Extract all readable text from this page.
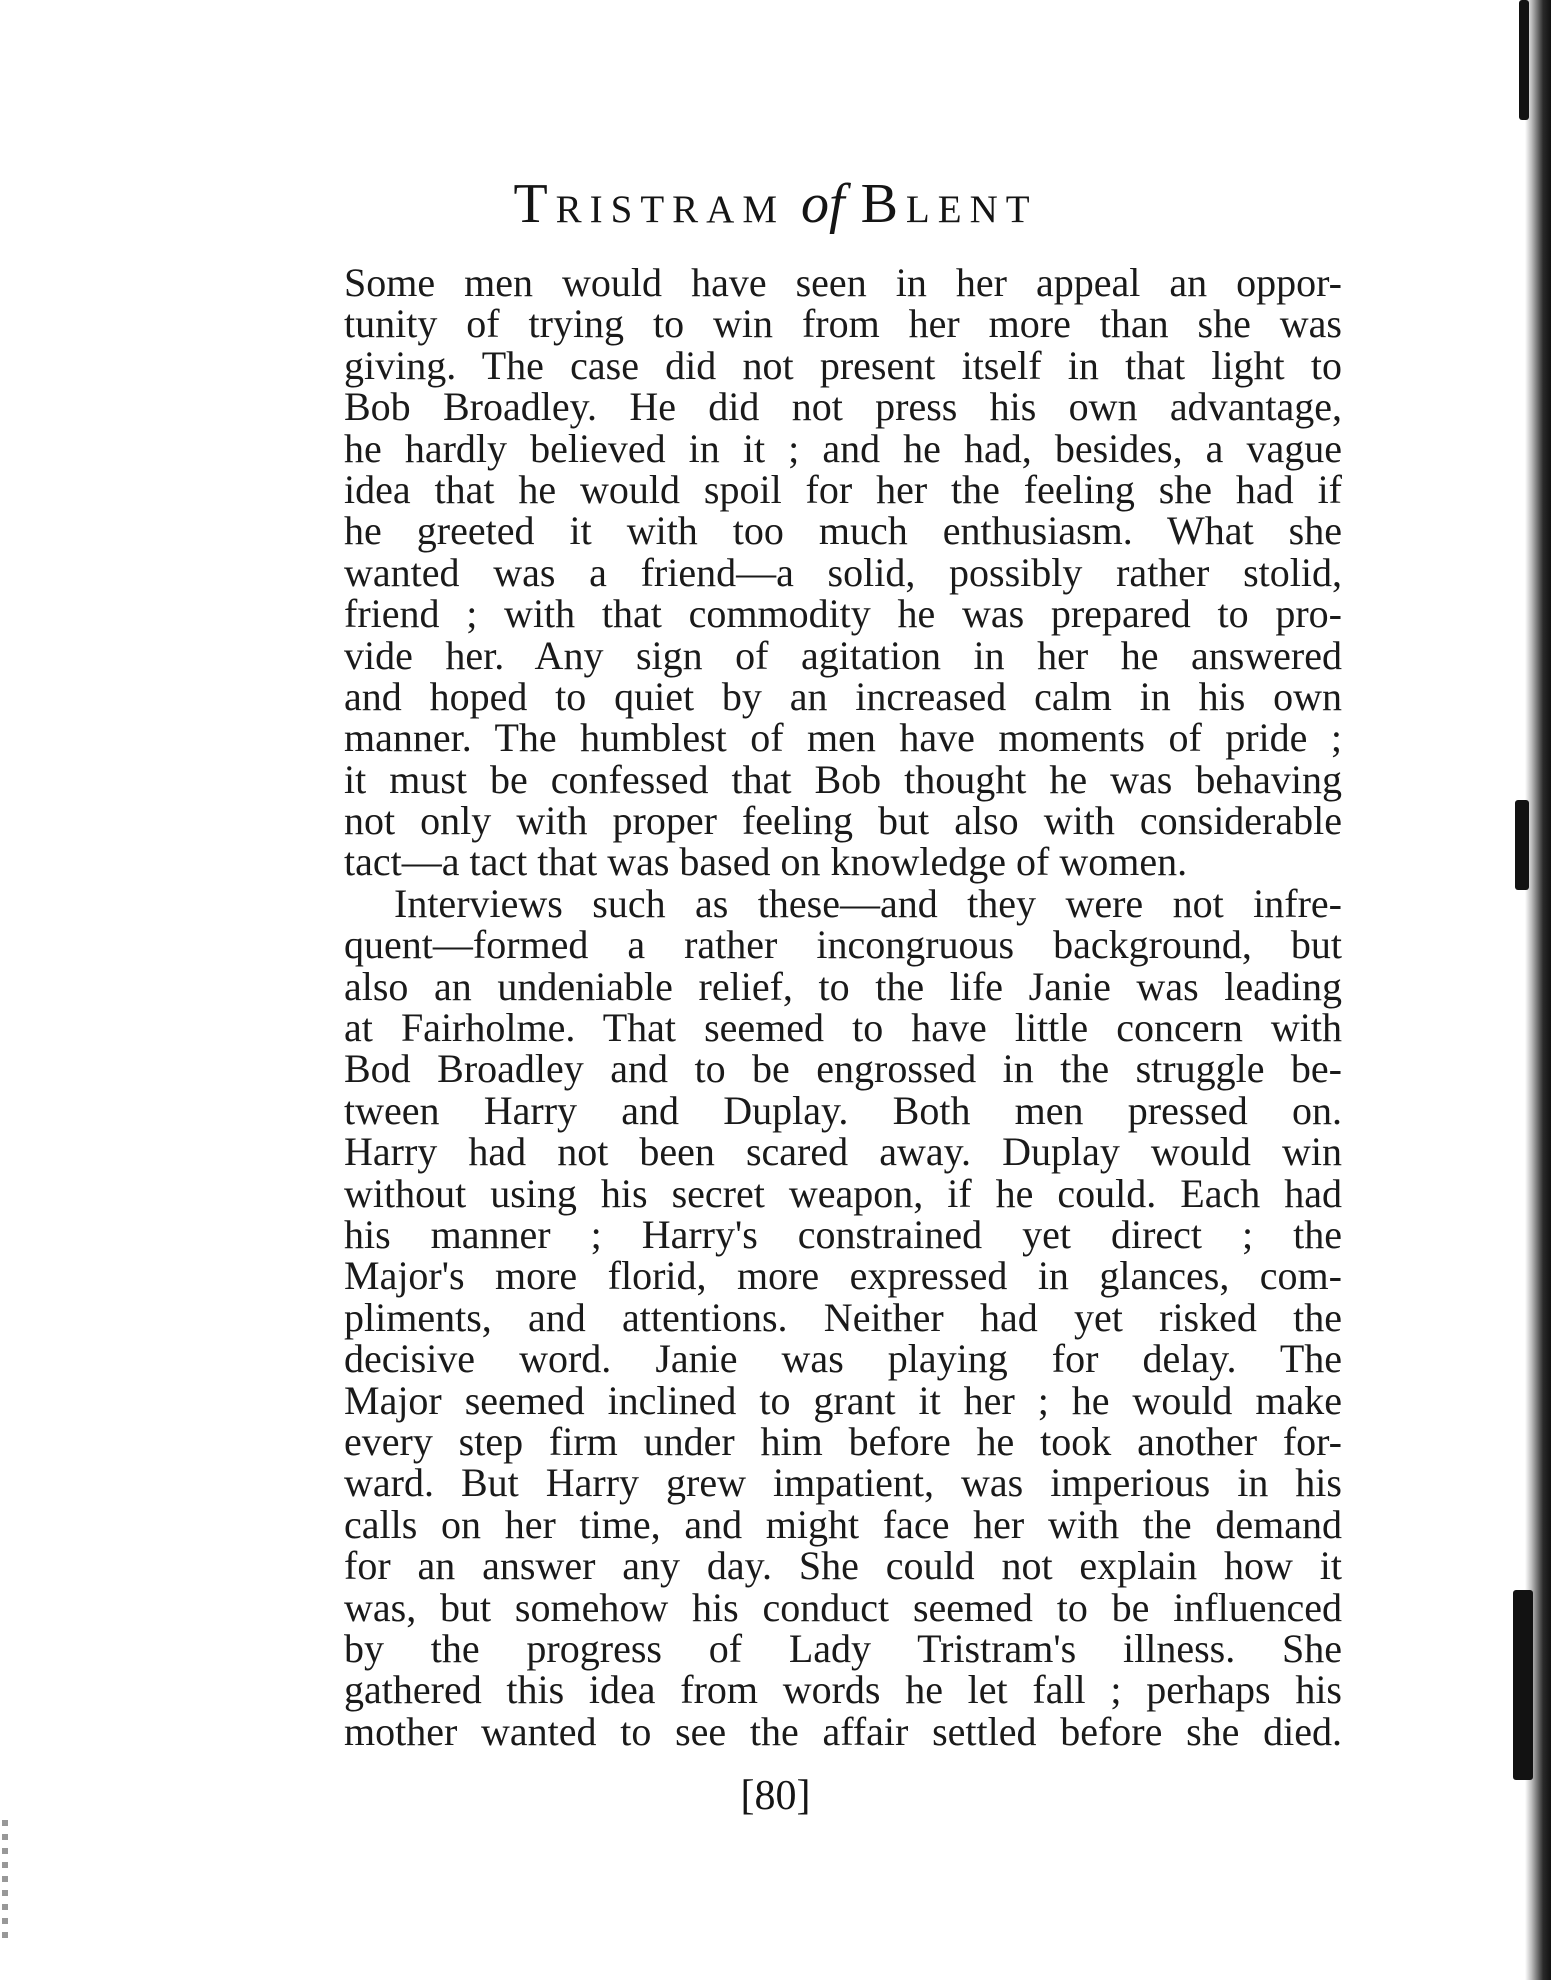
Tristram of Blent
Some men would have seen in her appeal an oppor-
tunity of trying to win from her more than she was
giving. The case did not present itself in that light to
Bob Broadley. He did not press his own advantage,
he hardly believed in it ; and he had, besides, a vague
idea that he would spoil for her the feeling she had if
he greeted it with too much enthusiasm. What she
wanted was a friend—a solid, possibly rather stolid,
friend ; with that commodity he was prepared to pro-
vide her. Any sign of agitation in her he answered
and hoped to quiet by an increased calm in his own
manner. The humblest of men have moments of pride ;
it must be confessed that Bob thought he was behaving
not only with proper feeling but also with considerable
tact—a tact that was based on knowledge of women.
Interviews such as these—and they were not infre-
quent—formed a rather incongruous background, but
also an undeniable relief, to the life Janie was leading
at Fairholme. That seemed to have little concern with
Bod Broadley and to be engrossed in the struggle be-
tween Harry and Duplay. Both men pressed on.
Harry had not been scared away. Duplay would win
without using his secret weapon, if he could. Each had
his manner ; Harry's constrained yet direct ; the
Major's more florid, more expressed in glances, com-
pliments, and attentions. Neither had yet risked the
decisive word. Janie was playing for delay. The
Major seemed inclined to grant it her ; he would make
every step firm under him before he took another for-
ward. But Harry grew impatient, was imperious in his
calls on her time, and might face her with the demand
for an answer any day. She could not explain how it
was, but somehow his conduct seemed to be influenced
by the progress of Lady Tristram's illness. She
gathered this idea from words he let fall ; perhaps his
mother wanted to see the affair settled before she died.
[80]
